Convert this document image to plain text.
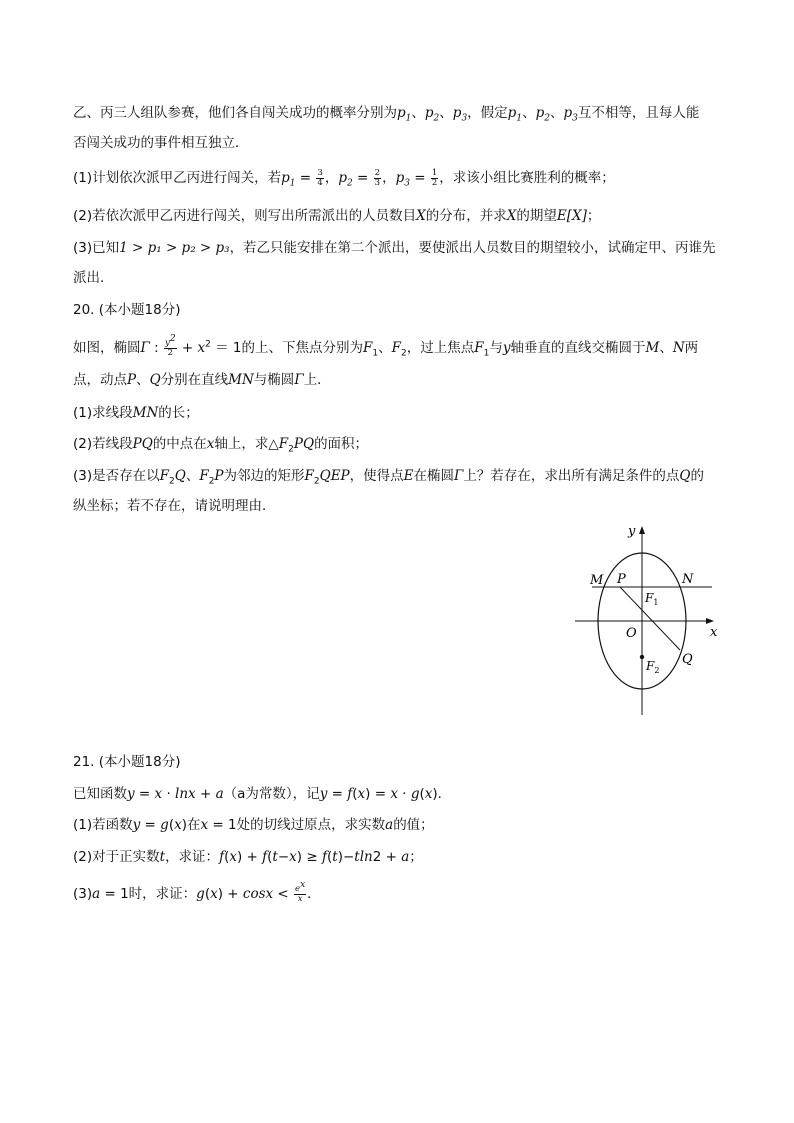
乙、丙三人组队参赛，他们各自闯关成功的概率分别为$p_1$、$p_2$、$p_3$，假定$p_1$、$p_2$、$p_3$互不相等，且每人能
否闯关成功的事件相互独立．
(1)计划依次派甲乙丙进行闯关，若$p_1 = \frac{3}{4}$ ，$p_2 = \frac{2}{3}$ ，$p_3 = \frac{1}{2}$ ，求该小组比赛胜利的概率；
(2)若依次派甲乙丙进行闯关，则写出所需派出的人员数目X的分布，并求X的期望E[X]；
(3)已知1 > p₁ > p₂ > p₃，若乙只能安排在第二个派出，要使派出人员数目的期望较小，试确定甲、丙谁先
派出．
20. (本小题18分)
如图，椭圆Γ : $\frac{y^2}{2} + x^2 = 1$的上、下焦点分别为$F_1$、$F_2$，过上焦点$F_1$与y轴垂直的直线交椭圆于M、N两
点，动点P、Q分别在直线MN与椭圆Γ上．
(1)求线段MN的长；
(2)若线段PQ的中点在x轴上，求$\triangle F_2PQ$的面积；
(3)是否存在以$F_2Q$、$F_2P$为邻边的矩形$F_2QEP$，使得点E在椭圆Γ上？若存在，求出所有满足条件的点Q的
纵坐标；若不存在，请说明理由．
y
x
O
M P	N
Q
$F_1$
$F_2$
21. (本小题18分)
已知函数y = x · lnx + a（a为常数），记y = f(x) = x · g(x)．
(1)若函数y = g(x)在x = 1处的切线过原点，求实数a的值；
(2)对于正实数t，求证：f(x) + f(t−x) ≥ f(t)−tln2 + a；
(3)a = 1时，求证：$g(x) + \cos x < \frac{e^x}{x}$ ．
